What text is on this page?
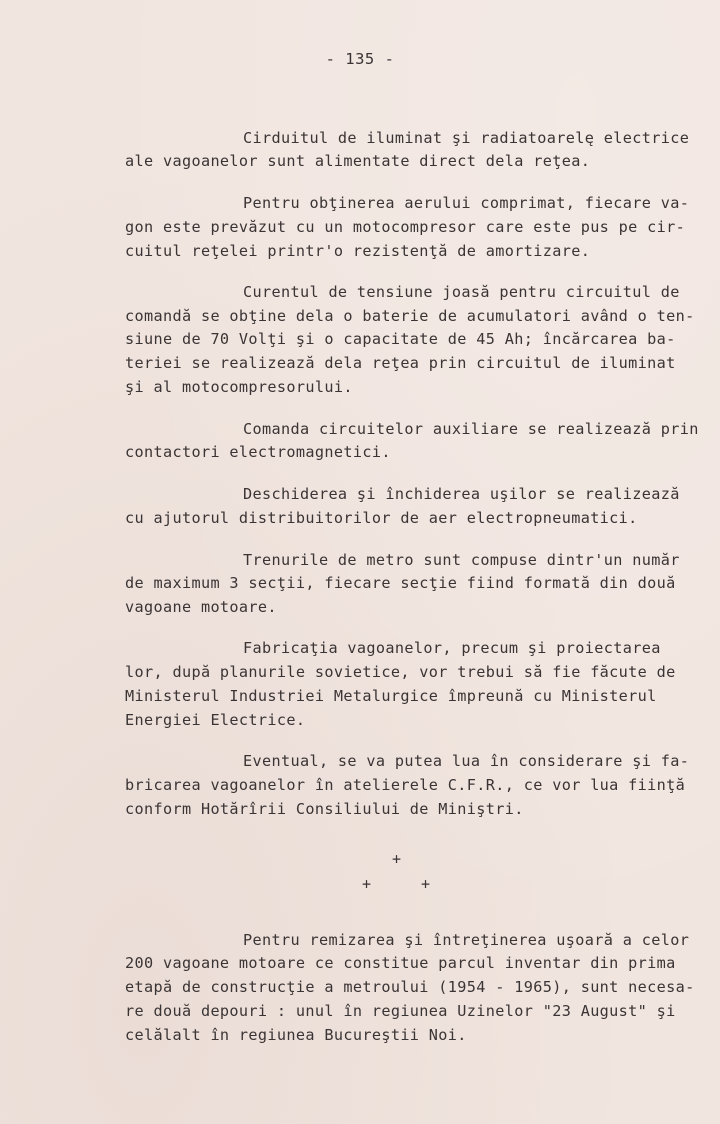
- 135 -
Cirduitul de iluminat şi radiatoarelę electrice
ale vagoanelor sunt alimentate direct dela reţea.
Pentru obţinerea aerului comprimat, fiecare va-
gon este prevăzut cu un motocompresor care este pus pe cir-
cuitul reţelei printr'o rezistenţă de amortizare.
Curentul de tensiune joasă pentru circuitul de
comandă se obţine dela o baterie de acumulatori având o ten-
siune de 70 Volţi şi o capacitate de 45 Ah; încărcarea ba-
teriei se realizează dela reţea prin circuitul de iluminat
şi al motocompresorului.
Comanda circuitelor auxiliare se realizează prin
contactori electromagnetici.
Deschiderea şi închiderea uşilor se realizează
cu ajutorul distribuitorilor de aer electropneumatici.
Trenurile de metro sunt compuse dintr'un număr
de maximum 3 secţii, fiecare secţie fiind formată din două
vagoane motoare.
Fabricaţia vagoanelor, precum şi proiectarea
lor, după planurile sovietice, vor trebui să fie făcute de
Ministerul Industriei Metalurgice împreună cu Ministerul
Energiei Electrice.
Eventual, se va putea lua în considerare şi fa-
bricarea vagoanelor în atelierele C.F.R., ce vor lua fiinţă
conform Hotărîrii Consiliului de Miniştri.
+
+	+
Pentru remizarea şi întreţinerea uşoară a celor
200 vagoane motoare ce constitue parcul inventar din prima
etapă de construcţie a metroului (1954 - 1965), sunt necesa-
re două depouri : unul în regiunea Uzinelor "23 August" şi
celălalt în regiunea Bucureştii Noi.
